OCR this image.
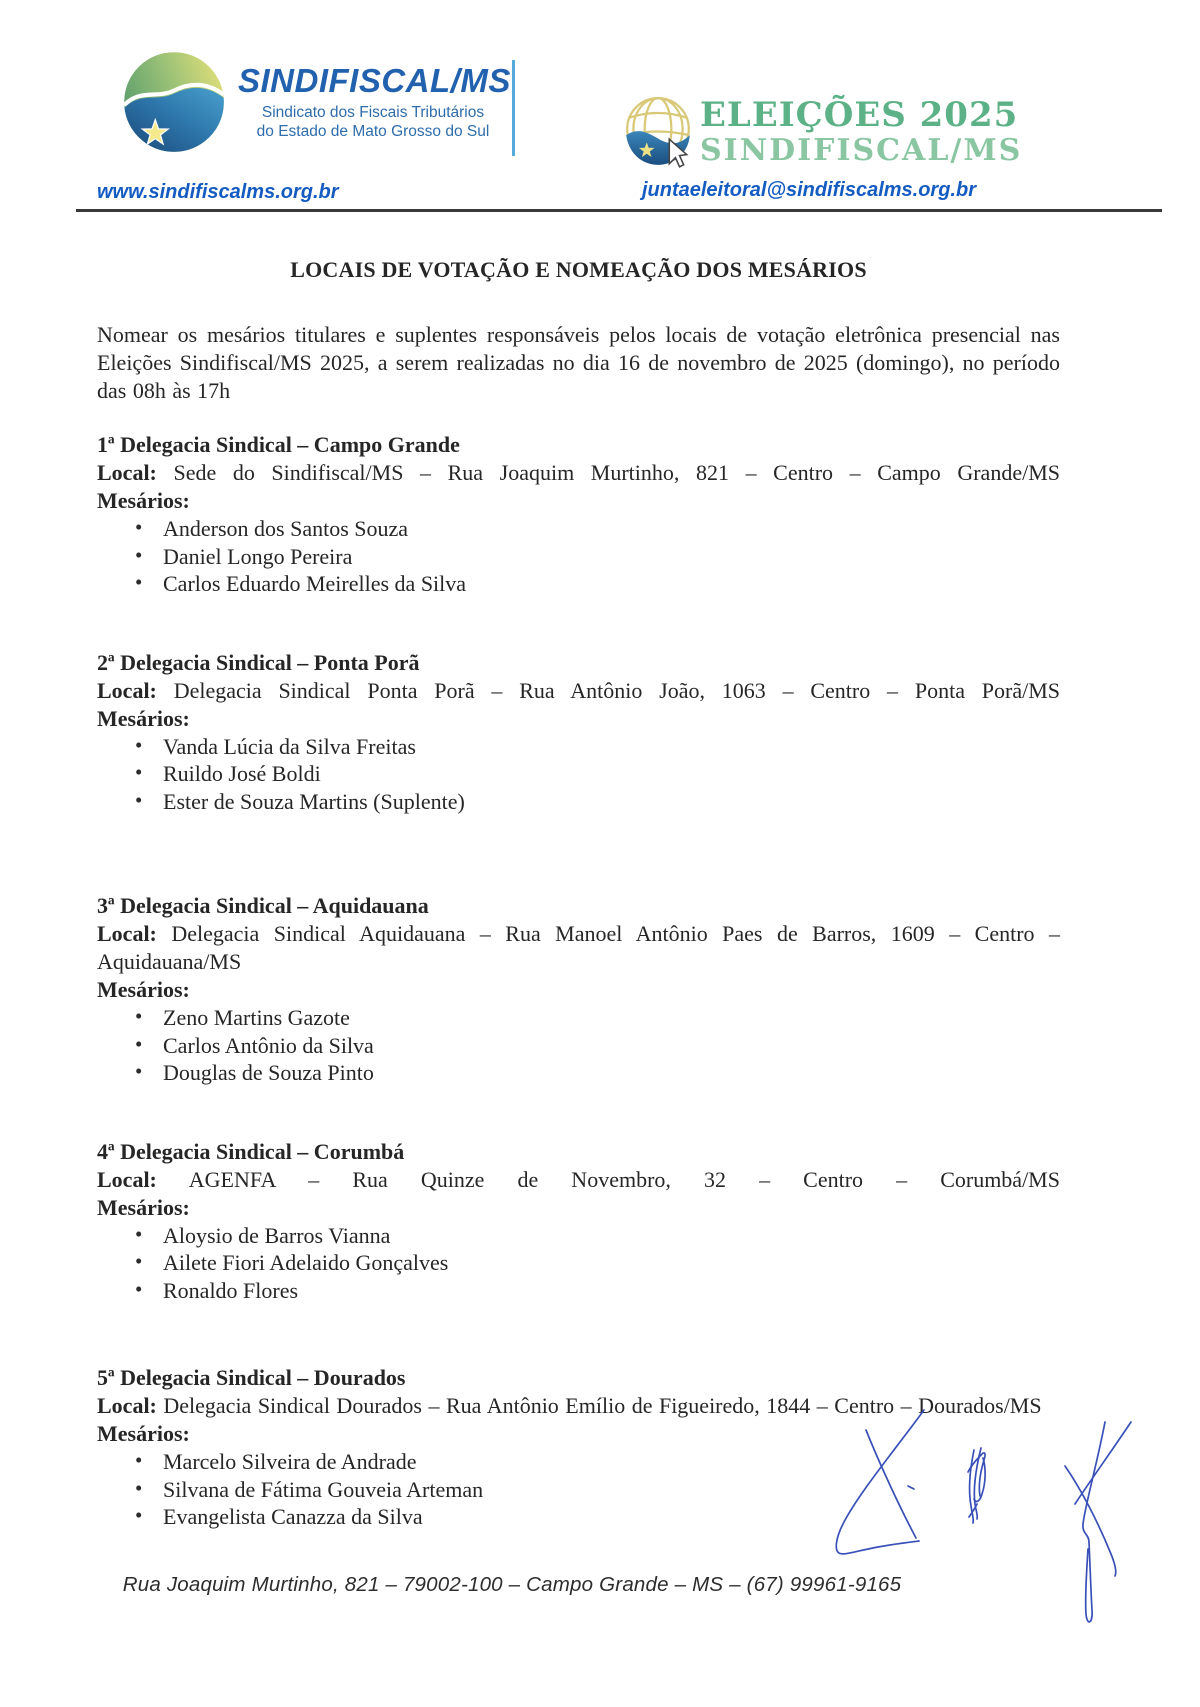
SINDIFISCAL/MS
Sindicato dos Fiscais Tributários
do Estado de Mato Grosso do Sul
www.sindifiscalms.org.br
ELEIÇÕES 2025
SINDIFISCAL/MS
juntaeleitoral@sindifiscalms.org.br
LOCAIS DE VOTAÇÃO E NOMEAÇÃO DOS MESÁRIOS

Nomear os mesários titulares e suplentes responsáveis pelos locais de votação eletrônica presencial nas Eleições Sindifiscal/MS 2025, a serem realizadas no dia 16 de novembro de 2025 (domingo), no período das 08h às 17h

1ª Delegacia Sindical – Campo Grande

Local: Sede do Sindifiscal/MS – Rua Joaquim Murtinho, 821 – Centro – Campo Grande/MS

Mesários:

• Anderson dos Santos Souza
• Daniel Longo Pereira
• Carlos Eduardo Meirelles da Silva
2ª Delegacia Sindical – Ponta Porã

Local: Delegacia Sindical Ponta Porã – Rua Antônio João, 1063 – Centro – Ponta Porã/MS

Mesários:

• Vanda Lúcia da Silva Freitas
• Ruildo José Boldi
• Ester de Souza Martins (Suplente)
3ª Delegacia Sindical – Aquidauana

Local: Delegacia Sindical Aquidauana – Rua Manoel Antônio Paes de Barros, 1609 – Centro – Aquidauana/MS

Mesários:

• Zeno Martins Gazote
• Carlos Antônio da Silva
• Douglas de Souza Pinto
4ª Delegacia Sindical – Corumbá

Local: AGENFA – Rua Quinze de Novembro, 32 – Centro – Corumbá/MS

Mesários:

• Aloysio de Barros Vianna
• Ailete Fiori Adelaido Gonçalves
• Ronaldo Flores
5ª Delegacia Sindical – Dourados

Local: Delegacia Sindical Dourados – Rua Antônio Emílio de Figueiredo, 1844 – Centro – Dourados/MS

Mesários:

• Marcelo Silveira de Andrade
• Silvana de Fátima Gouveia Arteman
• Evangelista Canazza da Silva
Rua Joaquim Murtinho, 821 – 79002-100 – Campo Grande – MS – (67) 99961-9165
